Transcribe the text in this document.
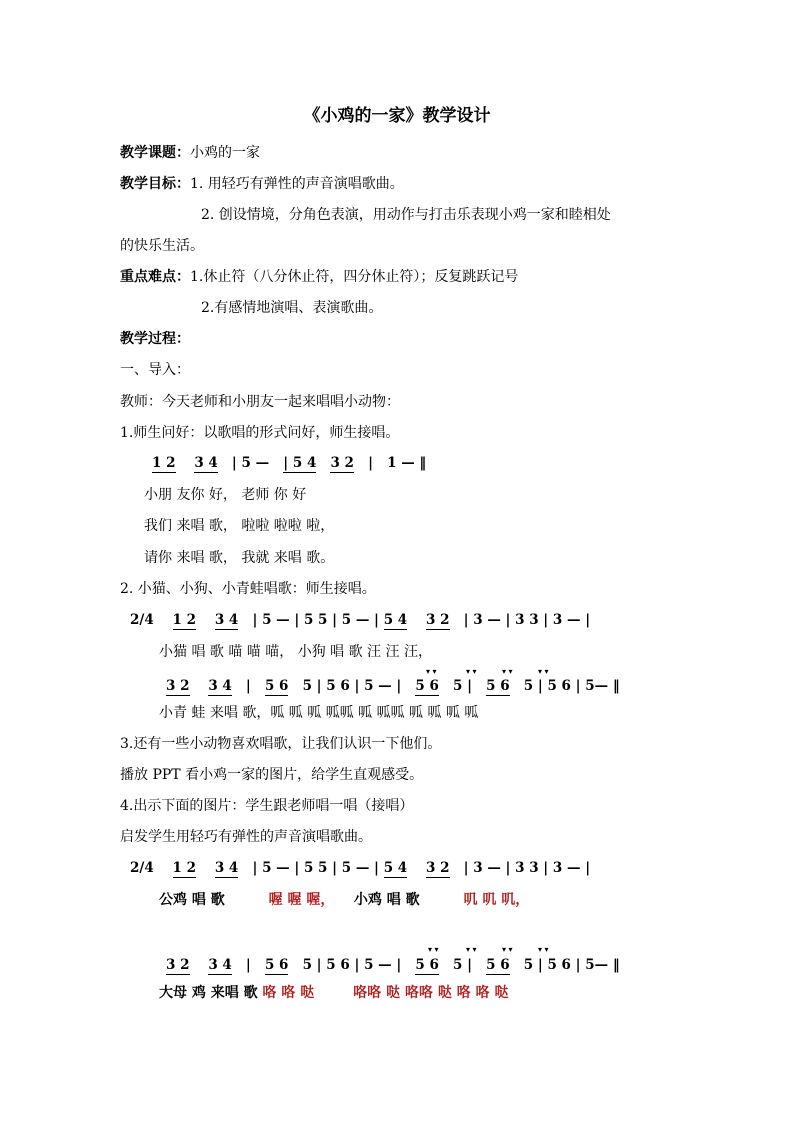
《小鸡的一家》教学设计
教学课题：小鸡的一家
教学目标：1. 用轻巧有弹性的声音演唱歌曲。
2. 创设情境，分角色表演，用动作与打击乐表现小鸡一家和睦相处
的快乐生活。
重点难点：1.休止符（八分休止符，四分休止符）；反复跳跃记号
2.有感情地演唱、表演歌曲。
教学过程：
一、导入：
教师：今天老师和小朋友一起来唱唱小动物：
1.师生问好：以歌唱的形式问好，师生接唱。
1 2 3 4 | 5 — | 5 4 3 2 | 1 — ‖
小朋 友你 好， 老师 你 好
我们 来唱 歌， 啦啦 啦啦 啦，
请你 来唱 歌， 我就 来唱 歌。
2. 小猫、小狗、小青蛙唱歌：师生接唱。
2/4 1 2 3 4 | 5 — | 5 5 | 5 — | 5 4 3 2 | 3 — | 3 3 | 3 — |
小猫 唱 歌 喵 喵 喵， 小狗 唱 歌 汪 汪 汪，
▾ ▾	▾ ▾	▾ ▾	▾ ▾
3 2 3 4 | 5 6 5 | 5 6 | 5 — | 5 6 5 | 5 6 5 | 5 6 | 5— ‖
小青 蛙 来唱 歌，呱 呱 呱 呱呱 呱 呱呱 呱 呱 呱 呱
3.还有一些小动物喜欢唱歌，让我们认识一下他们。
播放 PPT 看小鸡一家的图片，给学生直观感受。
4.出示下面的图片：学生跟老师唱一唱（接唱）
启发学生用轻巧有弹性的声音演唱歌曲。
2/4 1 2 3 4 | 5 — | 5 5 | 5 — | 5 4 3 2 | 3 — | 3 3 | 3 — |
公鸡 唱 歌	喔 喔 喔， 小鸡 唱 歌	叽 叽 叽，
▾ ▾	▾ ▾	▾ ▾	▾ ▾
3 2 3 4 | 5 6 5 | 5 6 | 5 — | 5 6 5 | 5 6 5 | 5 6 | 5— ‖
大母 鸡 来唱 歌 咯 咯 哒	咯咯 哒 咯咯 哒 咯 咯 哒
